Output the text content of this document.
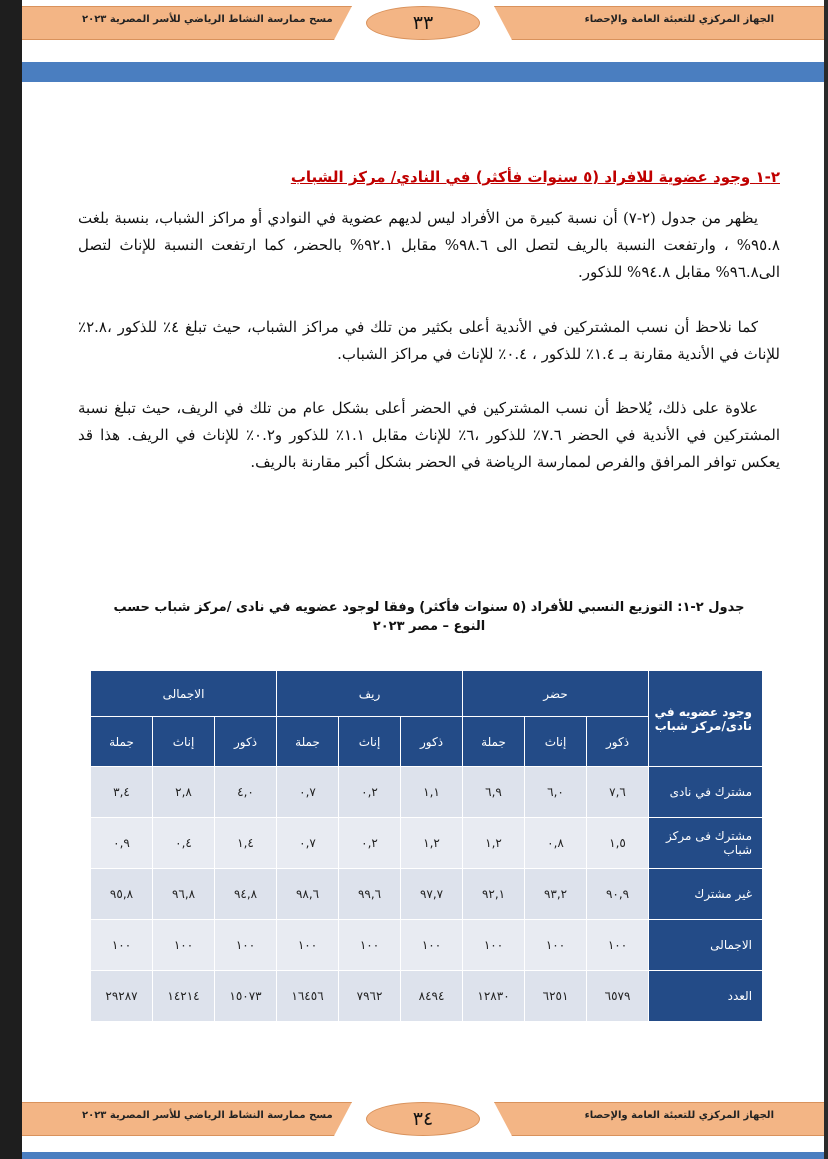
مسح ممارسة النشاط الرياضي للأسر المصرية ٢٠٢٣	٣٣	الجهاز المركزي للتعبئة العامة والإحصاء
٢-١ وجود عضوية للافراد (٥ سنوات فأكثر) في النادي/ مركز الشباب

يظهر من جدول (٢-٧) أن نسبة كبيرة من الأفراد ليس لديهم عضوية في النوادي أو مراكز الشباب، بنسبة بلغت ٩٥.٨% ، وارتفعت النسبة بالريف لتصل الى ٩٨.٦% مقابل ٩٢.١% بالحضر، كما ارتفعت النسبة للإناث لتصل الى٩٦.٨% مقابل ٩٤.٨% للذكور.

كما نلاحظ أن نسب المشتركين في الأندية أعلى بكثير من تلك في مراكز الشباب، حيث تبلغ ٤٪ للذكور ،٢.٨٪ للإناث في الأندية مقارنة بـ ١.٤٪ للذكور ، ٠.٤٪ للإناث في مراكز الشباب.

علاوة على ذلك، يُلاحظ أن نسب المشتركين في الحضر أعلى بشكل عام من تلك في الريف، حيث تبلغ نسبة المشتركين في الأندية في الحضر ٧.٦٪ للذكور ،٦٪ للإناث مقابل ١.١٪ للذكور و٠.٢٪ للإناث في الريف. هذا قد يعكس توافر المرافق والفرص لممارسة الرياضة في الحضر بشكل أكبر مقارنة بالريف.

جدول ٢-١: التوزيع النسبي للأفراد (٥ سنوات فأكثر) وفقا لوجود عضويه في نادى /مركز شباب حسب النوع – مصر ٢٠٢٣
وجود عضويه في نادى/مركز شباب	حضر			ريف			الاجمالى		
	ذكور	إناث	جملة	ذكور	إناث	جملة	ذكور	إناث	جملة
مشترك في نادى	٧,٦	٦,٠	٦,٩	١,١	٠,٢	٠,٧	٤,٠	٢,٨	٣,٤
مشترك فى مركز شباب	١,٥	٠,٨	١,٢	١,٢	٠,٢	٠,٧	١,٤	٠,٤	٠,٩
غير مشترك	٩٠,٩	٩٣,٢	٩٢,١	٩٧,٧	٩٩,٦	٩٨,٦	٩٤,٨	٩٦,٨	٩٥,٨
الاجمالى	١٠٠	١٠٠	١٠٠	١٠٠	١٠٠	١٠٠	١٠٠	١٠٠	١٠٠
العدد	٦٥٧٩	٦٢٥١	١٢٨٣٠	٨٤٩٤	٧٩٦٢	١٦٤٥٦	١٥٠٧٣	١٤٢١٤	٢٩٢٨٧
مسح ممارسة النشاط الرياضي للأسر المصرية ٢٠٢٣	٣٤	الجهاز المركزي للتعبئة العامة والإحصاء
